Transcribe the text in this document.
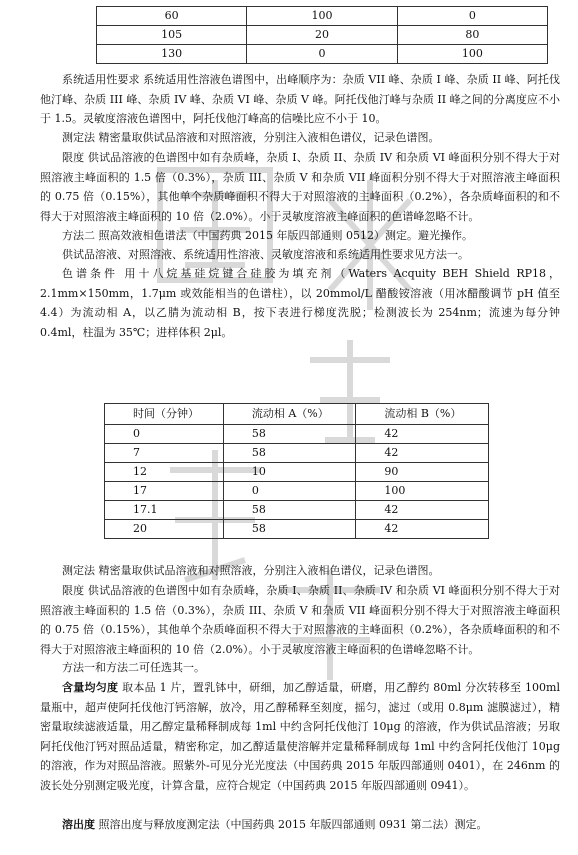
60	100	0
105	20	80
130	0	100

系统适用性要求 系统适用性溶液色谱图中，出峰顺序为：杂质 VII 峰、杂质 I 峰、杂质 II 峰、阿托伐他汀峰、杂质 III 峰、杂质 IV 峰、杂质 VI 峰、杂质 V 峰。阿托伐他汀峰与杂质 II 峰之间的分离度应不小于 1.5。灵敏度溶液色谱图中，阿托伐他汀峰高的信噪比应不小于 10。

测定法 精密量取供试品溶液和对照溶液，分别注入液相色谱仪，记录色谱图。

限度 供试品溶液的色谱图中如有杂质峰，杂质 I、杂质 II、杂质 IV 和杂质 VI 峰面积分别不得大于对照溶液主峰面积的 1.5 倍（0.3%），杂质 III、杂质 V 和杂质 VII 峰面积分别不得大于对照溶液主峰面积的 0.75 倍（0.15%），其他单个杂质峰面积不得大于对照溶液的主峰面积（0.2%），各杂质峰面积的和不得大于对照溶液主峰面积的 10 倍（2.0%）。小于灵敏度溶液主峰面积的色谱峰忽略不计。

方法二 照高效液相色谱法（中国药典 2015 年版四部通则 0512）测定。避光操作。

供试品溶液、对照溶液、系统适用性溶液、灵敏度溶液和系统适用性要求见方法一。

色谱条件 用十八烷基硅烷键合硅胶为填充剂（Waters Acquity BEH Shield RP18，2.1mm×150mm，1.7μm 或效能相当的色谱柱），以 20mmol/L 醋酸铵溶液（用冰醋酸调节 pH 值至 4.4）为流动相 A，以乙腈为流动相 B，按下表进行梯度洗脱；检测波长为 254nm；流速为每分钟 0.4ml，柱温为 35℃；进样体积 2μl。

时间（分钟）	流动相 A（%）	流动相 B（%）
0	58	42
7	58	42
12	10	90
17	0	100
17.1	58	42
20	58	42

测定法 精密量取供试品溶液和对照溶液，分别注入液相色谱仪，记录色谱图。

限度 供试品溶液的色谱图中如有杂质峰，杂质 I、杂质 II、杂质 IV 和杂质 VI 峰面积分别不得大于对照溶液主峰面积的 1.5 倍（0.3%），杂质 III、杂质 V 和杂质 VII 峰面积分别不得大于对照溶液主峰面积的 0.75 倍（0.15%），其他单个杂质峰面积不得大于对照溶液的主峰面积（0.2%），各杂质峰面积的和不得大于对照溶液主峰面积的 10 倍（2.0%）。小于灵敏度溶液主峰面积的色谱峰忽略不计。

方法一和方法二可任选其一。

含量均匀度 取本品 1 片，置乳钵中，研细，加乙醇适量，研磨，用乙醇约 80ml 分次转移至 100ml 量瓶中，超声使阿托伐他汀钙溶解，放冷，用乙醇稀释至刻度，摇匀，滤过（或用 0.8μm 滤膜滤过），精密量取续滤液适量，用乙醇定量稀释制成每 1ml 中约含阿托伐他汀 10μg 的溶液，作为供试品溶液；另取阿托伐他汀钙对照品适量，精密称定，加乙醇适量使溶解并定量稀释制成每 1ml 中约含阿托伐他汀 10μg 的溶液，作为对照品溶液。照紫外-可见分光光度法（中国药典 2015 年版四部通则 0401），在 246nm 的波长处分别测定吸光度，计算含量，应符合规定（中国药典 2015 年版四部通则 0941）。

溶出度 照溶出度与释放度测定法（中国药典 2015 年版四部通则 0931 第二法）测定。
